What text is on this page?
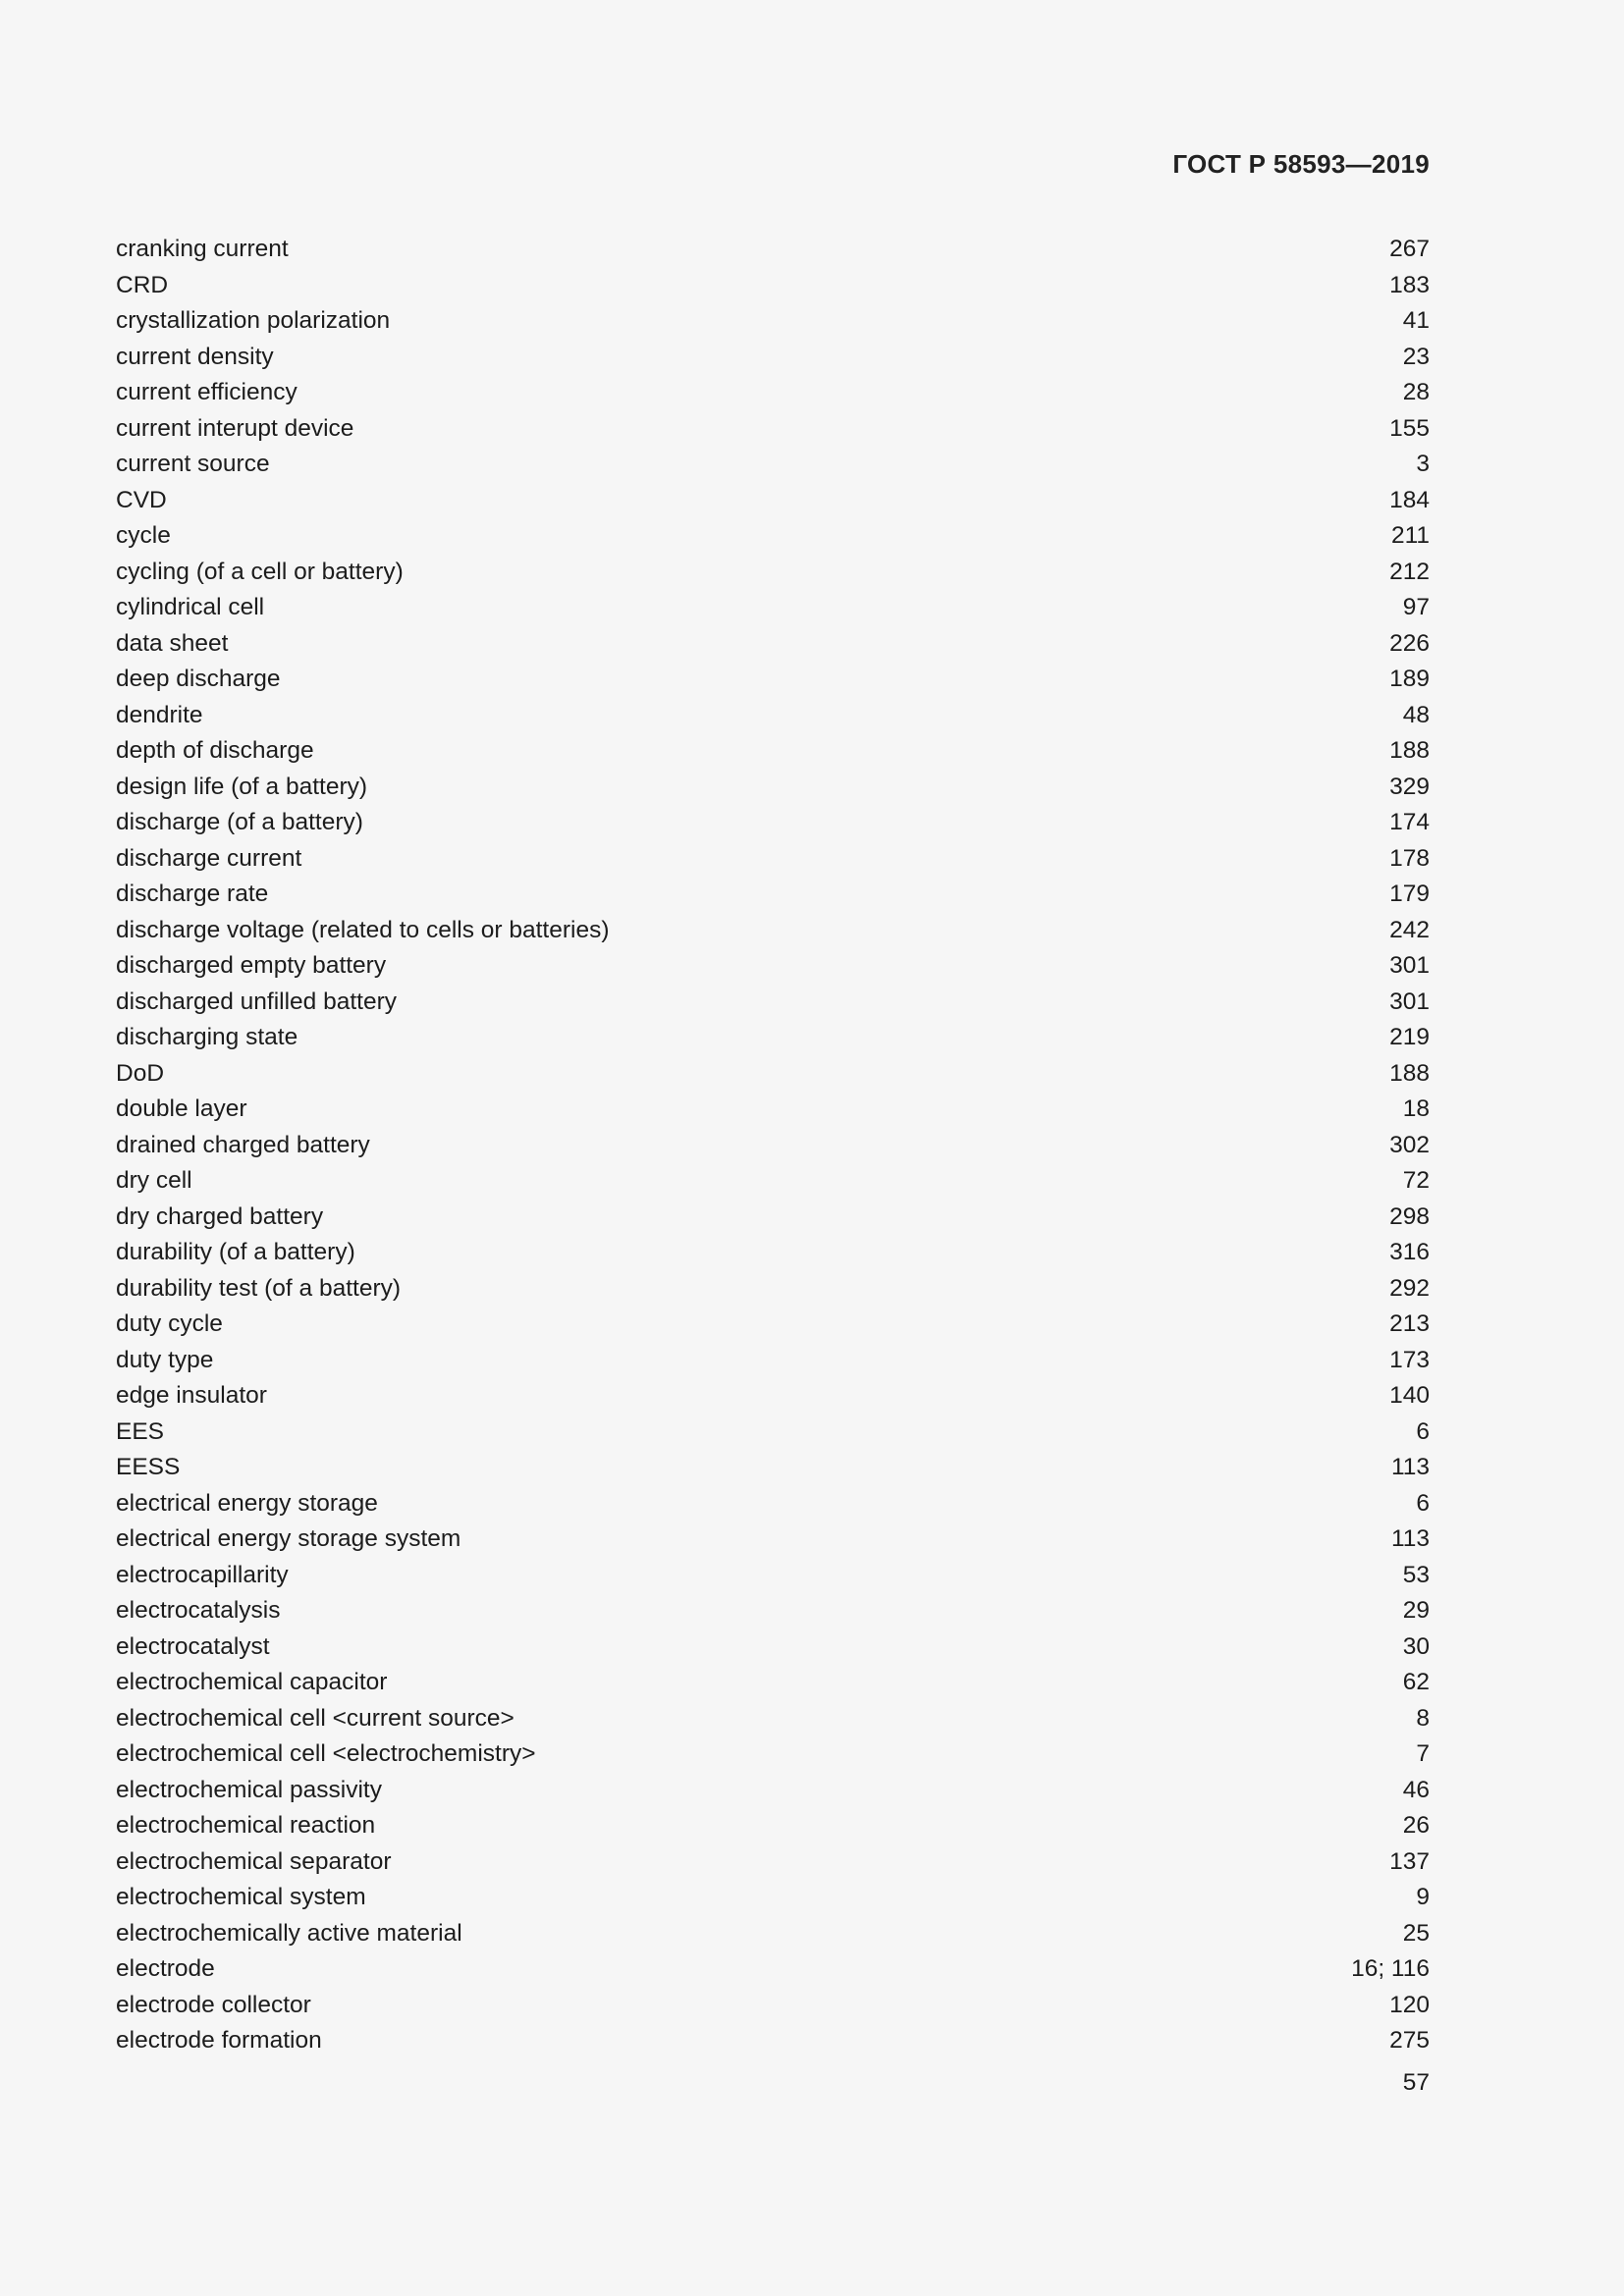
ГОСТ Р 58593—2019
cranking current	267
CRD	183
crystallization polarization	41
current density	23
current efficiency	28
current interupt device	155
current source	3
CVD	184
cycle	211
cycling (of a cell or battery)	212
cylindrical cell	97
data sheet	226
deep discharge	189
dendrite	48
depth of discharge	188
design life (of a battery)	329
discharge (of a battery)	174
discharge current	178
discharge rate	179
discharge voltage (related to cells or batteries)	242
discharged empty battery	301
discharged unfilled battery	301
discharging state	219
DoD	188
double layer	18
drained charged battery	302
dry cell	72
dry charged battery	298
durability (of a battery)	316
durability test (of a battery)	292
duty cycle	213
duty type	173
edge insulator	140
EES	6
EESS	113
electrical energy storage	6
electrical energy storage system	113
electrocapillarity	53
electrocatalysis	29
electrocatalyst	30
electrochemical capacitor	62
electrochemical cell <current source>	8
electrochemical cell <electrochemistry>	7
electrochemical passivity	46
electrochemical reaction	26
electrochemical separator	137
electrochemical system	9
electrochemically active material	25
electrode	16; 116
electrode collector	120
electrode formation	275
57
